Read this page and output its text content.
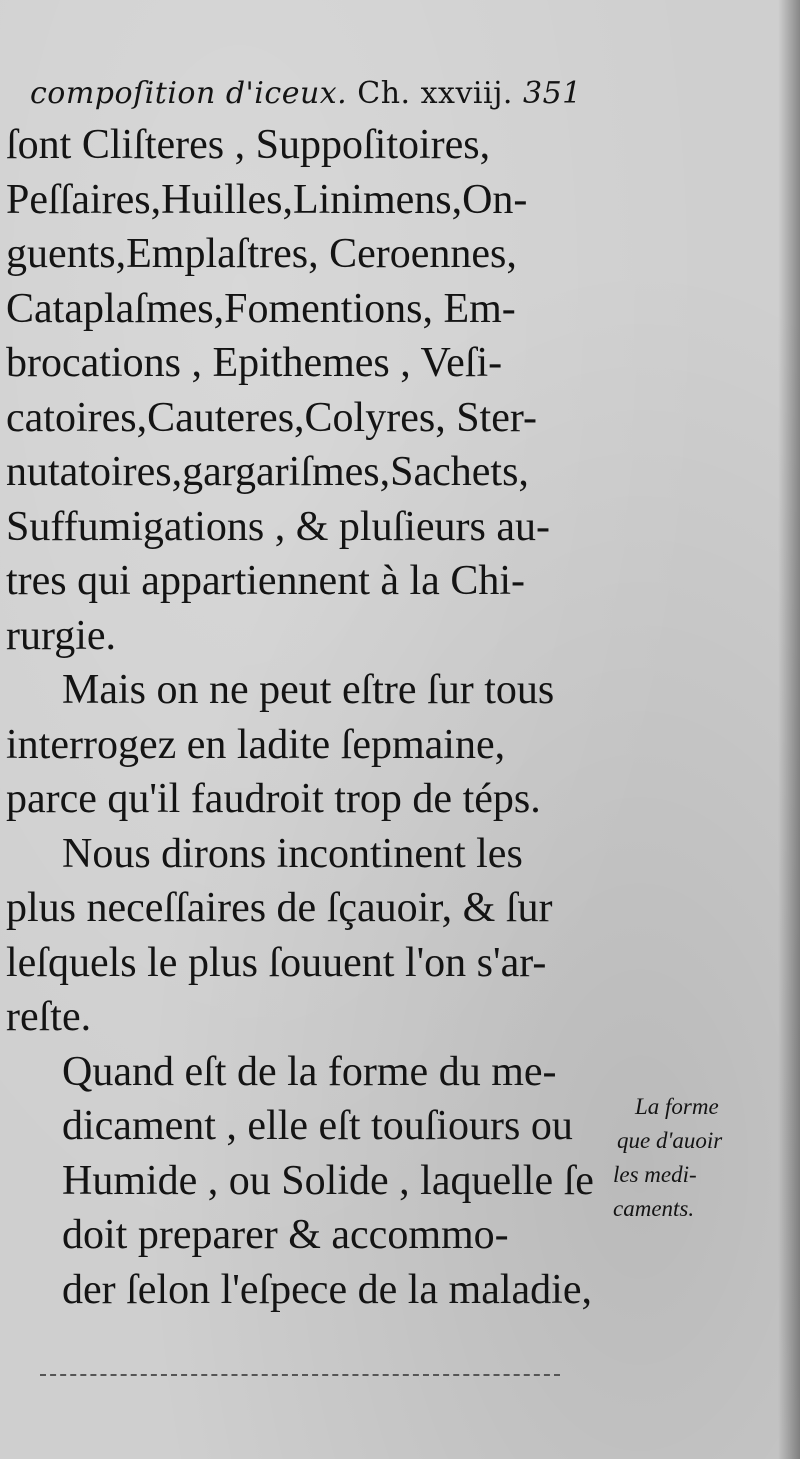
compoſition d'iceux. Ch. xxviij. 351
ſont Cliſteres , Suppoſitoires,
Peſſaires,Huilles,Linimens,On-
guents,Emplaſtres, Ceroennes,
Cataplaſmes,Fomentions, Em-
brocations , Epithemes , Veſi-
catoires,Cauteres,Colyres, Ster-
nutatoires,gargariſmes,Sachets,
Suffumigations , & pluſieurs au-
tres qui appartiennent à la Chi-
rurgie.
Mais on ne peut eſtre ſur tous
interrogez en ladite ſepmaine,
parce qu'il faudroit trop de téps.
Nous dirons incontinent les
plus neceſſaires de ſçauoir, & ſur
leſquels le plus ſouuent l'on s'ar-
reſte.
Quand eſt de la forme du me-
dicament , elle eſt touſiours ou
Humide , ou Solide , laquelle ſe
doit preparer & accommo-
der ſelon l'eſpece de la maladie,
La forme
que d'auoir
les medi-
caments.
